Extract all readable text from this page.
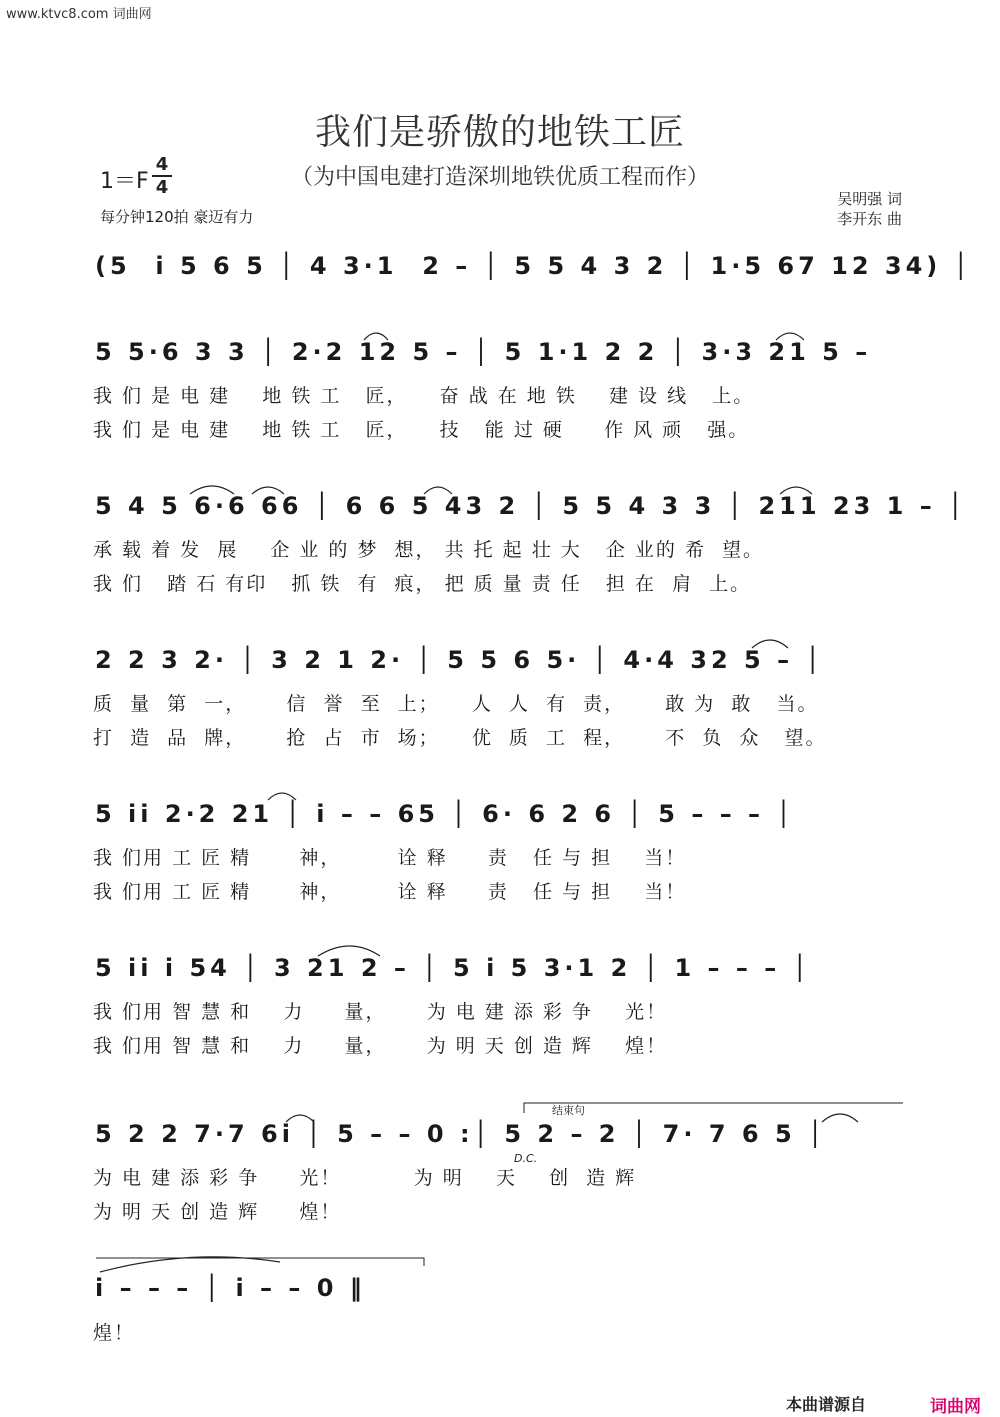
www.ktvc8.com 词曲网
我们是骄傲的地铁工匠
（为中国电建打造深圳地铁优质工程而作）
1＝F
4
4
每分钟120拍 豪迈有力
吴明强 词
李开东 曲
(5  i 5 6 5 │ 4 3·1  2 – │ 5 5 4 3 2 │ 1·5 67 12 34) │
5 5·6 3 3 │ 2·2 12 5 – │ 5 1·1 2 2 │ 3·3 21 5 –
我 们 是 电 建    地 铁 工   匠，    奋 战 在 地 铁    建 设 线   上。
我 们 是 电 建    地 铁 工   匠，    技   能 过 硬     作 风 顽   强。
5 4 5 6·6 66 │ 6 6 5 43 2 │ 5 5 4 3 3 │ 211 23 1 – │
承 载 着 发  展    企 业 的 梦  想， 共 托 起 壮 大   企 业的 希  望。
我 们   踏 石 有印   抓 铁  有  痕， 把 质 量 责 任   担 在  肩  上。
2 2 3 2· │ 3 2 1 2· │ 5 5 6 5· │ 4·4 32 5 – │
质  量  第  一，     信  誉  至  上；    人  人  有  责，     敢 为  敢   当。
打  造  品  牌，     抢  占  市  场；    优  质  工  程，     不  负  众   望。
5 ii 2·2 21 │ i – – 65 │ 6· 6 2 6 │ 5 – – – │
我 们用 工 匠 精      神，       诠 释     责   任 与 担    当！
我 们用 工 匠 精      神，       诠 释     责   任 与 担    当！
5 ii i 54 │ 3 21 2 – │ 5 i 5 3·1 2 │ 1 – – – │
我 们用 智 慧 和    力     量，     为 电 建 添 彩 争    光！
我 们用 智 慧 和    力     量，     为 明 天 创 造 辉    煌！
5 2 2 7·7 6i │ 5 – – 0 :│ 5 2 – 2 │ 7· 7 6 5 │
为 电 建 添 彩 争     光！         为 明    天    创  造 辉
为 明 天 创 造 辉     煌！
i – – – │ i – – 0 ‖
煌！
结束句
D.C.
本曲谱源自	词曲网
